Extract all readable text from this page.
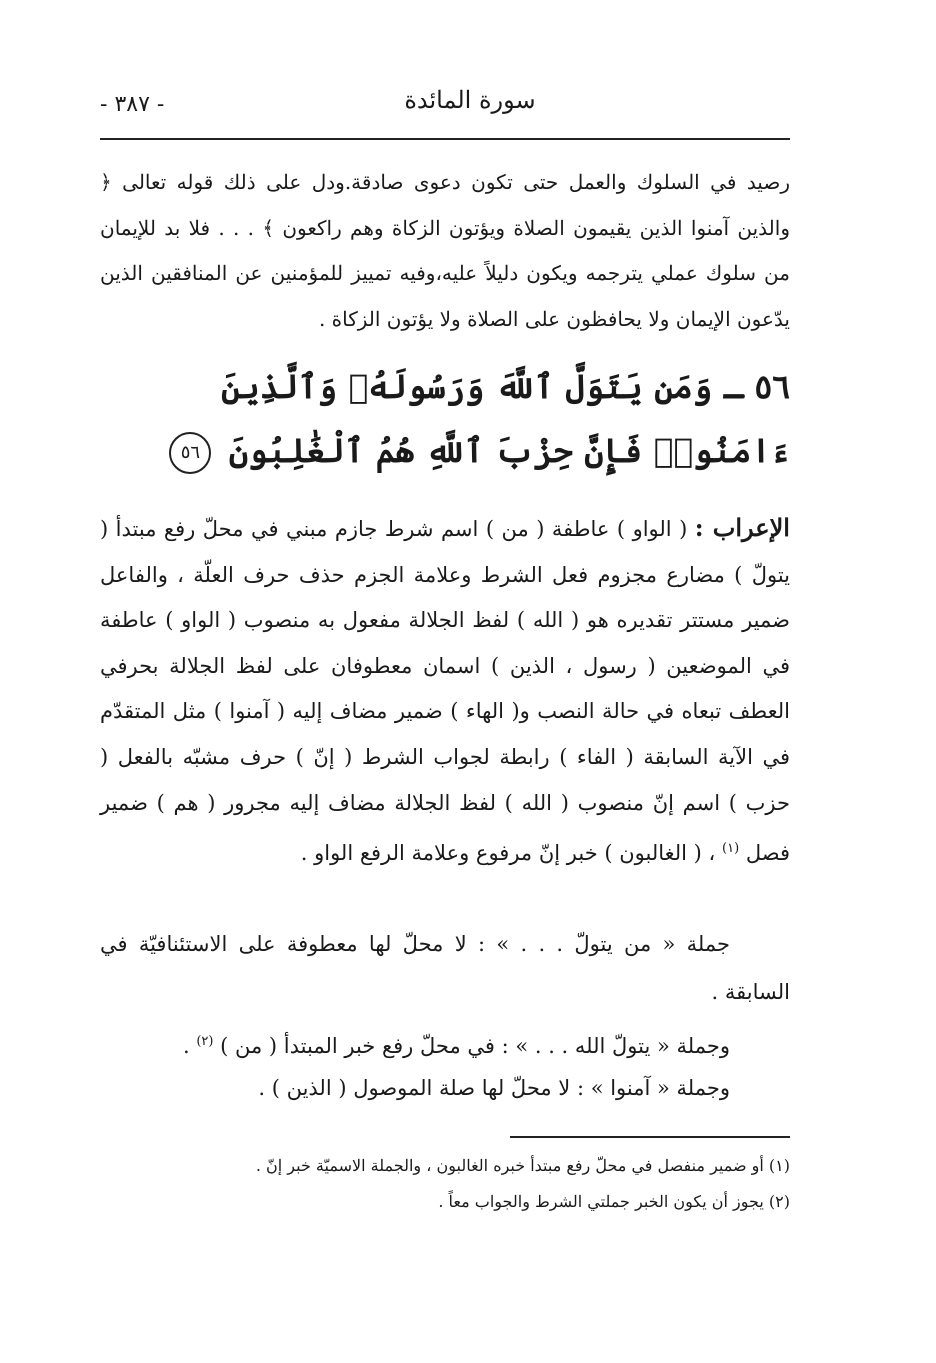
- ٣٨٧ -	سورة المائدة

رصيد في السلوك والعمل حتى تكون دعوى صادقة.ودل على ذلك قوله تعالى ﴿ والذين آمنوا الذين يقيمون الصلاة ويؤتون الزكاة وهم راكعون ﴾ . . . فلا بد للإيمان من سلوك عملي يترجمه ويكون دليلاً عليه،وفيه تمييز للمؤمنين عن المنافقين الذين يدّعون الإيمان ولا يحافظون على الصلاة ولا يؤتون الزكاة .

٥٦ ـ وَمَن يَتَوَلَّ ٱللَّهَ وَرَسُولَهُۥ وَٱلَّذِينَ ءَامَنُوا۟ فَإِنَّ حِزْبَ ٱللَّهِ هُمُ ٱلْغَٰلِبُونَ ٥٦
الإعراب : ( الواو ) عاطفة ( من ) اسم شرط جازم مبني في محلّ رفع مبتدأ ( يتولّ ) مضارع مجزوم فعل الشرط وعلامة الجزم حذف حرف العلّة ، والفاعل ضمير مستتر تقديره هو ( الله ) لفظ الجلالة مفعول به منصوب ( الواو ) عاطفة في الموضعين ( رسول ، الذين ) اسمان معطوفان على لفظ الجلالة بحرفي العطف تبعاه في حالة النصب و( الهاء ) ضمير مضاف إليه ( آمنوا ) مثل المتقدّم في الآية السابقة ( الفاء ) رابطة لجواب الشرط ( إنّ ) حرف مشبّه بالفعل ( حزب ) اسم إنّ منصوب ( الله ) لفظ الجلالة مضاف إليه مجرور ( هم ) ضمير فصل $^{(١)}$ ، ( الغالبون ) خبر إنّ مرفوع وعلامة الرفع الواو .
جملة « من يتولّ . . . » : لا محلّ لها معطوفة على الاستئنافيّة في السابقة .
وجملة « يتولّ الله . . . » : في محلّ رفع خبر المبتدأ ( من ) $^{(٢)}$ .
وجملة « آمنوا » : لا محلّ لها صلة الموصول ( الذين ) .

(١) أو ضمير منفصل في محلّ رفع مبتدأ خبره الغالبون ، والجملة الاسميّة خبر إنّ .

(٢) يجوز أن يكون الخبر جملتي الشرط والجواب معاً .
